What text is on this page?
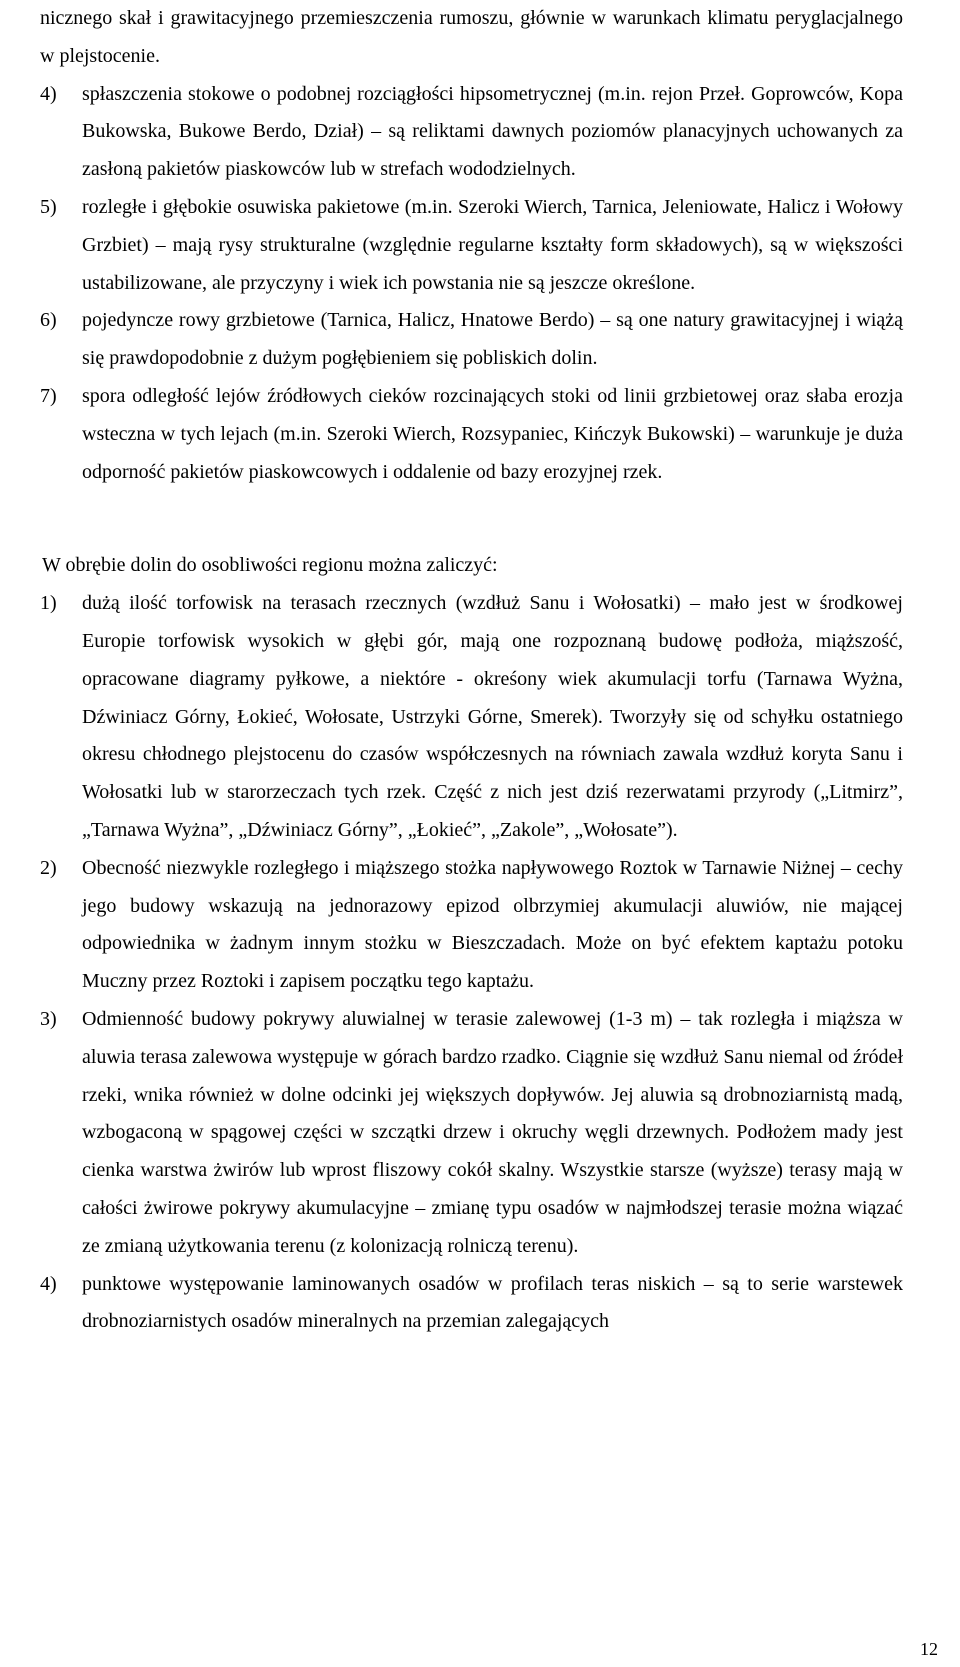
nicznego skał i grawitacyjnego przemieszczenia rumoszu, głównie w warunkach klimatu peryglacjalnego w plejstocenie.

4)	spłaszczenia stokowe o podobnej rozciągłości hipsometrycznej (m.in. rejon Przeł. Goprowców, Kopa Bukowska, Bukowe Berdo, Dział) – są reliktami dawnych poziomów planacyjnych uchowanych za zasłoną pakietów piaskowców lub w strefach wododzielnych.

5)	rozległe i głębokie osuwiska pakietowe (m.in. Szeroki Wierch, Tarnica, Jeleniowate, Halicz i Wołowy Grzbiet) – mają rysy strukturalne (względnie regularne kształty form składowych), są w większości ustabilizowane, ale przyczyny i wiek ich powstania nie są jeszcze określone.

6)	pojedyncze rowy grzbietowe (Tarnica, Halicz, Hnatowe Berdo) – są one natury grawitacyjnej i wiążą się prawdopodobnie z dużym pogłębieniem się pobliskich dolin.

7)	spora odległość lejów źródłowych cieków rozcinających stoki od linii grzbietowej oraz słaba erozja wsteczna w tych lejach (m.in. Szeroki Wierch, Rozsypaniec, Kińczyk Bukowski) – warunkuje je duża odporność pakietów piaskowcowych i oddalenie od bazy erozyjnej rzek.

W obrębie dolin do osobliwości regionu można zaliczyć:

1)	dużą ilość torfowisk na terasach rzecznych (wzdłuż Sanu i Wołosatki) – mało jest w środkowej Europie torfowisk wysokich w głębi gór, mają one rozpoznaną budowę podłoża, miąższość, opracowane diagramy pyłkowe, a niektóre - okreśony wiek akumulacji torfu (Tarnawa Wyżna, Dźwiniacz Górny, Łokieć, Wołosate, Ustrzyki Górne, Smerek). Tworzyły się od schyłku ostatniego okresu chłodnego plejstocenu do czasów współczesnych na równiach zawala wzdłuż koryta Sanu i Wołosatki lub w starorzeczach tych rzek. Część z nich jest dziś rezerwatami przyrody („Litmirz”, „Tarnawa Wyżna”, „Dźwiniacz Górny”, „Łokieć”, „Zakole”, „Wołosate”).

2)	Obecność niezwykle rozległego i miąższego stożka napływowego Roztok w Tarnawie Niżnej – cechy jego budowy wskazują na jednorazowy epizod olbrzymiej akumulacji aluwiów, nie mającej odpowiednika w żadnym innym stożku w Bieszczadach. Może on być efektem kaptażu potoku Muczny przez Roztoki i zapisem początku tego kaptażu.

3)	Odmienność budowy pokrywy aluwialnej w terasie zalewowej (1-3 m) – tak rozległa i miąższa w aluwia terasa zalewowa występuje w górach bardzo rzadko. Ciągnie się wzdłuż Sanu niemal od źródeł rzeki, wnika również w dolne odcinki jej większych dopływów. Jej aluwia są drobnoziarnistą madą, wzbogaconą w spągowej części w szczątki drzew i okruchy węgli drzewnych. Podłożem mady jest cienka warstwa żwirów lub wprost fliszowy cokół skalny. Wszystkie starsze (wyższe) terasy mają w całości żwirowe pokrywy akumulacyjne – zmianę typu osadów w najmłodszej terasie można wiązać ze zmianą użytkowania terenu (z kolonizacją rolniczą terenu).

4)	punktowe występowanie laminowanych osadów w profilach teras niskich – są to serie warstewek drobnoziarnistych osadów mineralnych na przemian zalegających

12
